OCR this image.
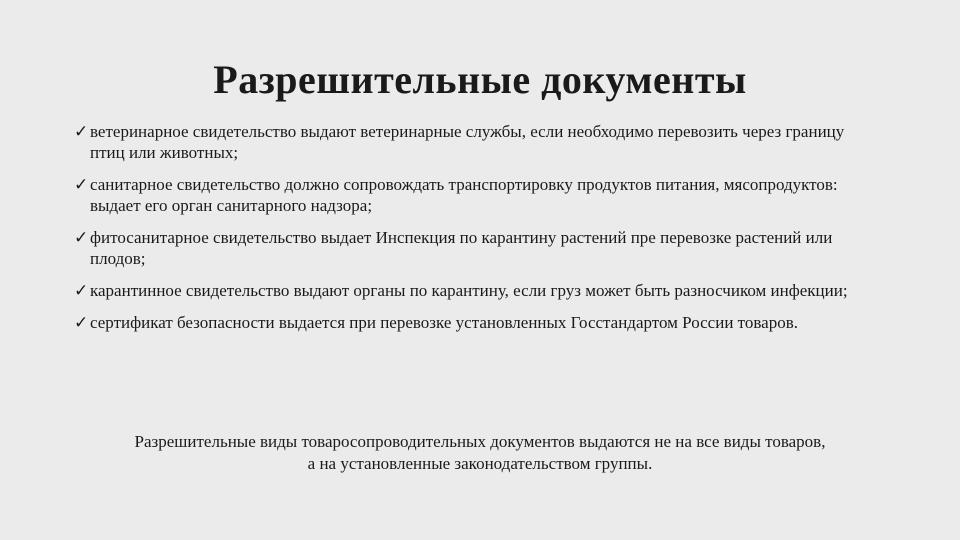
Разрешительные документы
✓ ветеринарное свидетельство выдают ветеринарные службы, если необходимо перевозить через границу птиц или животных;
✓ санитарное свидетельство должно сопровождать транспортировку продуктов питания, мясопродуктов: выдает его орган санитарного надзора;
✓ фитосанитарное свидетельство выдает Инспекция по карантину растений пре перевозке растений или плодов;
✓ карантинное свидетельство выдают органы по карантину, если груз может быть разносчиком инфекции;
✓ сертификат безопасности выдается при перевозке установленных Госстандартом России товаров.

Разрешительные виды товаросопроводительных документов выдаются не на все виды товаров,
а на установленные законодательством группы.
